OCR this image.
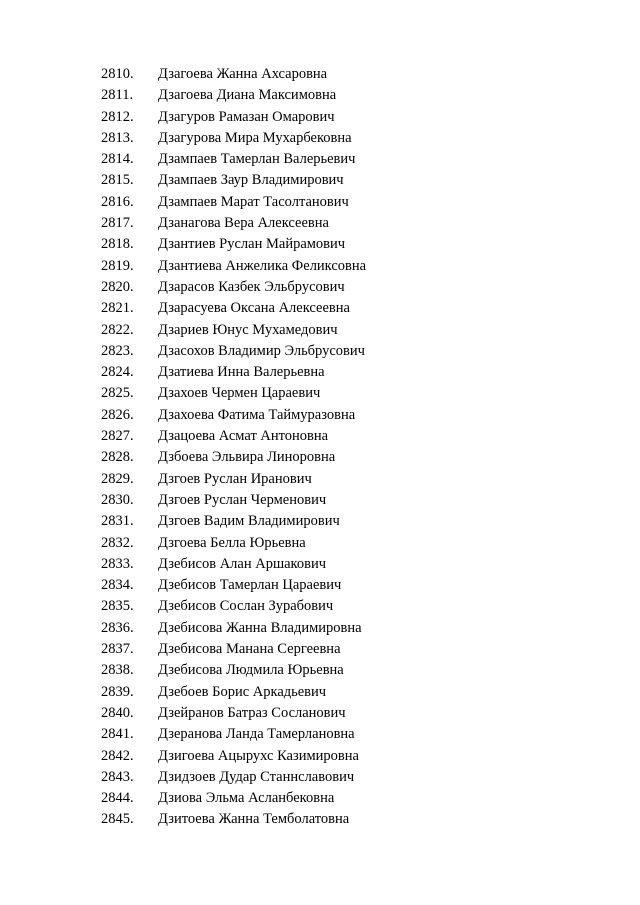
2810.	Дзагоева Жанна Ахсаровна
2811.	Дзагоева Диана Максимовна
2812.	Дзагуров Рамазан Омарович
2813.	Дзагурова Мира Мухарбековна
2814.	Дзампаев Тамерлан Валерьевич
2815.	Дзампаев Заур Владимирович
2816.	Дзампаев Марат Тасолтанович
2817.	Дзанагова Вера Алексеевна
2818.	Дзантиев Руслан Майрамович
2819.	Дзантиева Анжелика Феликсовна
2820.	Дзарасов Казбек Эльбрусович
2821.	Дзарасуева Оксана Алексеевна
2822.	Дзариев Юнус Мухамедович
2823.	Дзасохов Владимир Эльбрусович
2824.	Дзатиева Инна Валерьевна
2825.	Дзахоев Чермен Цараевич
2826.	Дзахоева Фатима Таймуразовна
2827.	Дзацоева Асмат Антоновна
2828.	Дзбоева Эльвира Линоровна
2829.	Дзгоев Руслан Иранович
2830.	Дзгоев Руслан Черменович
2831.	Дзгоев Вадим Владимирович
2832.	Дзгоева Белла Юрьевна
2833.	Дзебисов Алан Аршакович
2834.	Дзебисов Тамерлан Цараевич
2835.	Дзебисов Сослан Зурабович
2836.	Дзебисова Жанна Владимировна
2837.	Дзебисова Манана Сергеевна
2838.	Дзебисова Людмила Юрьевна
2839.	Дзебоев Борис Аркадьевич
2840.	Дзейранов Батраз Сосланович
2841.	Дзеранова Ланда Тамерлановна
2842.	Дзигоева Ацырухс Казимировна
2843.	Дзидзоев Дудар Станнславович
2844.	Дзиова Эльма Асланбековна
2845.	Дзитоева Жанна Темболатовна
